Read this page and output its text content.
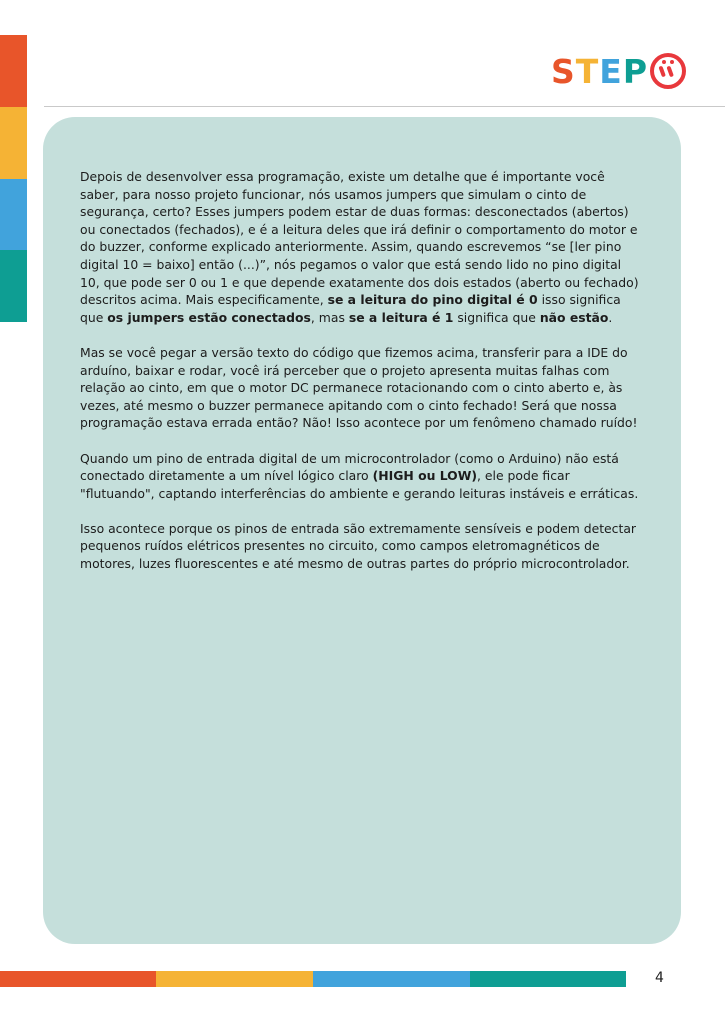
STEP

Depois de desenvolver essa programação, existe um detalhe que é importante você saber, para nosso projeto funcionar, nós usamos jumpers que simulam o cinto de segurança, certo? Esses jumpers podem estar de duas formas: desconectados (abertos) ou conectados (fechados), e é a leitura deles que irá definir o comportamento do motor e do buzzer, conforme explicado anteriormente. Assim, quando escrevemos “se [ler pino digital 10 = baixo] então (...)”, nós pegamos o valor que está sendo lido no pino digital 10, que pode ser 0 ou 1 e que depende exatamente dos dois estados (aberto ou fechado) descritos acima. Mais especificamente, se a leitura do pino digital é 0 isso significa que os jumpers estão conectados, mas se a leitura é 1 significa que não estão.

Mas se você pegar a versão texto do código que fizemos acima, transferir para a IDE do arduíno, baixar e rodar, você irá perceber que o projeto apresenta muitas falhas com relação ao cinto, em que o motor DC permanece rotacionando com o cinto aberto e, às vezes, até mesmo o buzzer permanece apitando com o cinto fechado! Será que nossa programação estava errada então? Não! Isso acontece por um fenômeno chamado ruído!

Quando um pino de entrada digital de um microcontrolador (como o Arduino) não está conectado diretamente a um nível lógico claro (HIGH ou LOW), ele pode ficar "flutuando", captando interferências do ambiente e gerando leituras instáveis e erráticas.

Isso acontece porque os pinos de entrada são extremamente sensíveis e podem detectar pequenos ruídos elétricos presentes no circuito, como campos eletromagnéticos de motores, luzes fluorescentes e até mesmo de outras partes do próprio microcontrolador.

4
